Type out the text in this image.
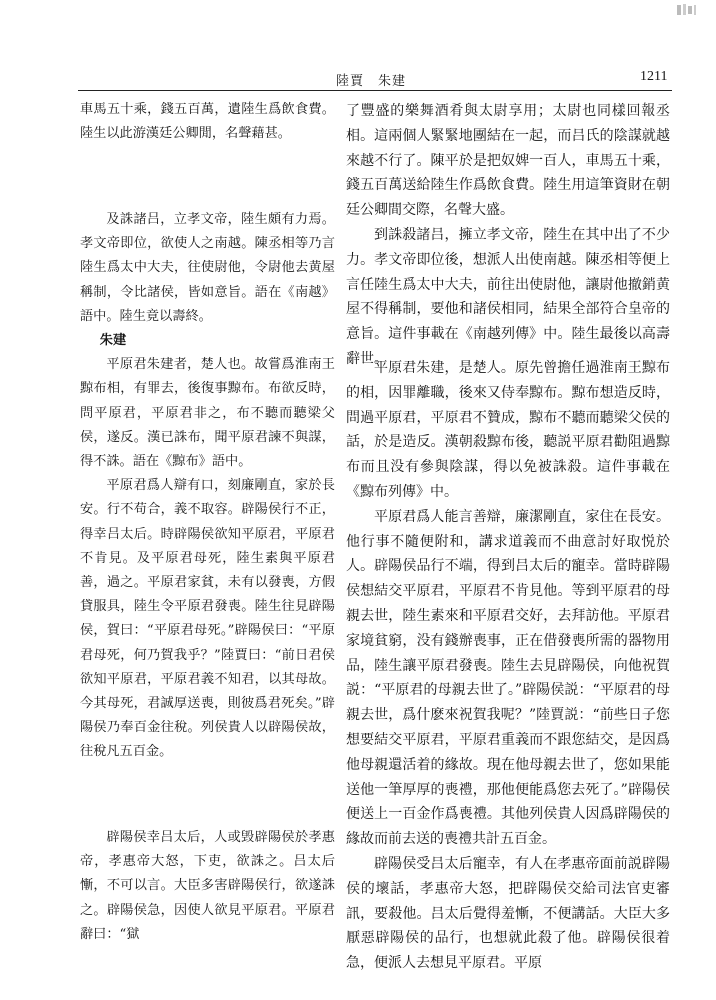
陸賈　朱建	1211

車馬五十乘，錢五百萬，遺陸生爲飲食費。陸生以此游漢廷公卿閒，名聲藉甚。

及誅諸吕，立孝文帝，陸生頗有力焉。孝文帝即位，欲使人之南越。陳丞相等乃言陸生爲太中大夫，往使尉他，令尉他去黄屋稱制，令比諸侯，皆如意旨。語在《南越》語中。陸生竟以壽終。

朱建

平原君朱建者，楚人也。故嘗爲淮南王黥布相，有罪去，後復事黥布。布欲反時，問平原君，平原君非之，布不聽而聽梁父侯，遂反。漢已誅布，聞平原君諫不與謀，得不誅。語在《黥布》語中。

平原君爲人辯有口，刻廉剛直，家於長安。行不苟合，義不取容。辟陽侯行不正，得幸吕太后。時辟陽侯欲知平原君，平原君不肯見。及平原君母死，陸生素與平原君善，過之。平原君家貧，未有以發喪，方假貸服具，陸生令平原君發喪。陸生往見辟陽侯，賀曰：“平原君母死。”辟陽侯曰：“平原君母死，何乃賀我乎？”陸賈曰：“前日君侯欲知平原君，平原君義不知君，以其母故。今其母死，君誠厚送喪，則彼爲君死矣。”辟陽侯乃奉百金往稅。列侯貴人以辟陽侯故，往稅凡五百金。

辟陽侯幸吕太后，人或毁辟陽侯於孝惠帝，孝惠帝大怒，下吏，欲誅之。吕太后慚，不可以言。大臣多害辟陽侯行，欲遂誅之。辟陽侯急，因使人欲見平原君。平原君辭曰：“獄

了豐盛的樂舞酒肴與太尉享用；太尉也同樣回報丞相。這兩個人緊緊地團結在一起，而吕氏的陰謀就越來越不行了。陳平於是把奴婢一百人，車馬五十乘，錢五百萬送給陸生作爲飲食費。陸生用這筆資財在朝廷公卿間交際，名聲大盛。

到誅殺諸吕，擁立孝文帝，陸生在其中出了不少力。孝文帝即位後，想派人出使南越。陳丞相等便上言任陸生爲太中大夫，前往出使尉他，讓尉他撤銷黄屋不得稱制，要他和諸侯相同，結果全部符合皇帝的意旨。這件事載在《南越列傳》中。陸生最後以高壽辭世。

平原君朱建，是楚人。原先曾擔任過淮南王黥布的相，因罪離職，後來又侍奉黥布。黥布想造反時，問過平原君，平原君不贊成，黥布不聽而聽梁父侯的話，於是造反。漢朝殺黥布後，聽説平原君勸阻過黥布而且没有參與陰謀，得以免被誅殺。這件事載在《黥布列傳》中。

平原君爲人能言善辯，廉潔剛直，家住在長安。他行事不隨便附和，講求道義而不曲意討好取悦於人。辟陽侯品行不端，得到吕太后的寵幸。當時辟陽侯想結交平原君，平原君不肯見他。等到平原君的母親去世，陸生素來和平原君交好，去拜訪他。平原君家境貧窮，没有錢辦喪事，正在借發喪所需的器物用品，陸生讓平原君發喪。陸生去見辟陽侯，向他祝賀説：“平原君的母親去世了。”辟陽侯説：“平原君的母親去世，爲什麽來祝賀我呢？”陸賈説：“前些日子您想要結交平原君，平原君重義而不跟您結交，是因爲他母親還活着的緣故。現在他母親去世了，您如果能送他一筆厚厚的喪禮，那他便能爲您去死了。”辟陽侯便送上一百金作爲喪禮。其他列侯貴人因爲辟陽侯的緣故而前去送的喪禮共計五百金。

辟陽侯受吕太后寵幸，有人在孝惠帝面前説辟陽侯的壞話，孝惠帝大怒，把辟陽侯交給司法官吏審訊，要殺他。吕太后覺得羞慚，不便講話。大臣大多厭惡辟陽侯的品行，也想就此殺了他。辟陽侯很着急，便派人去想見平原君。平原
